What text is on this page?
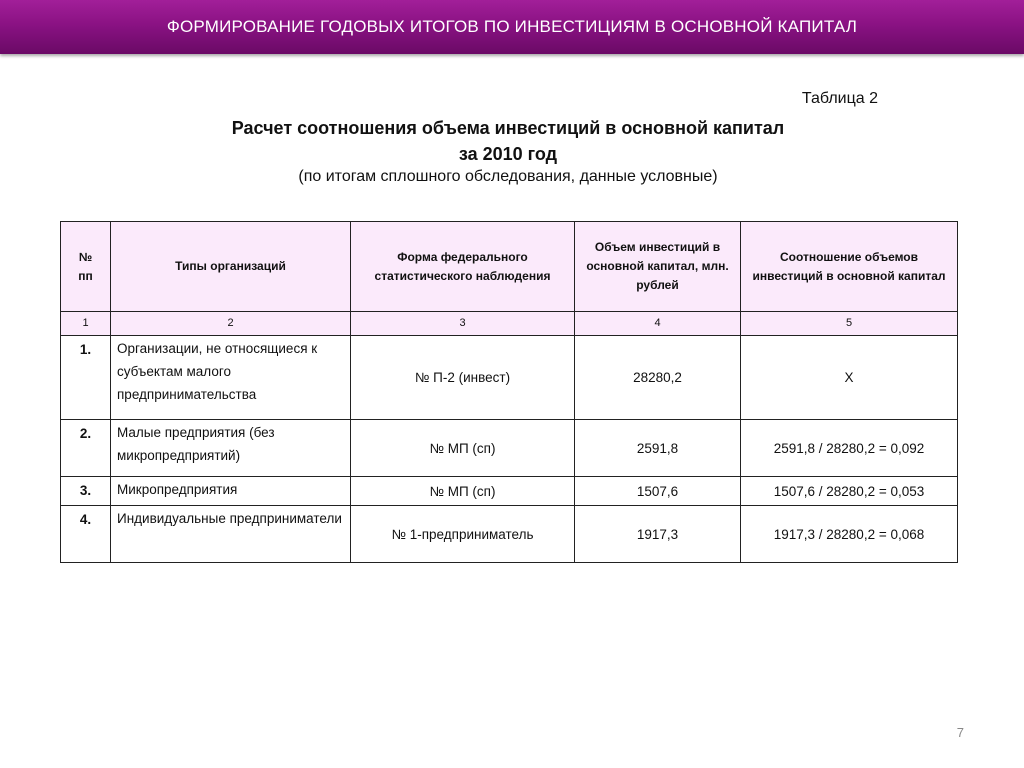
ФОРМИРОВАНИЕ ГОДОВЫХ ИТОГОВ ПО ИНВЕСТИЦИЯМ В ОСНОВНОЙ КАПИТАЛ
Таблица 2
Расчет соотношения объема инвестиций в основной капитал
за 2010 год
(по итогам сплошного обследования, данные условные)
№
пп	Типы организаций	Форма федерального статистического наблюдения	Объем инвестиций в основной капитал, млн. рублей	Соотношение объемов инвестиций в основной капитал
1	2	3	4	5
1.	Организации, не относящиеся к субъектам малого предпринимательства	№ П-2 (инвест)	28280,2	Х
2.	Малые предприятия (без микропредприятий)	№ МП (сп)	2591,8	2591,8 / 28280,2 = 0,092
3.	Микропредприятия	№ МП (сп)	1507,6	1507,6 / 28280,2 = 0,053
4.	Индивидуальные предприниматели	№ 1-предприниматель	1917,3	1917,3 / 28280,2 = 0,068
7
